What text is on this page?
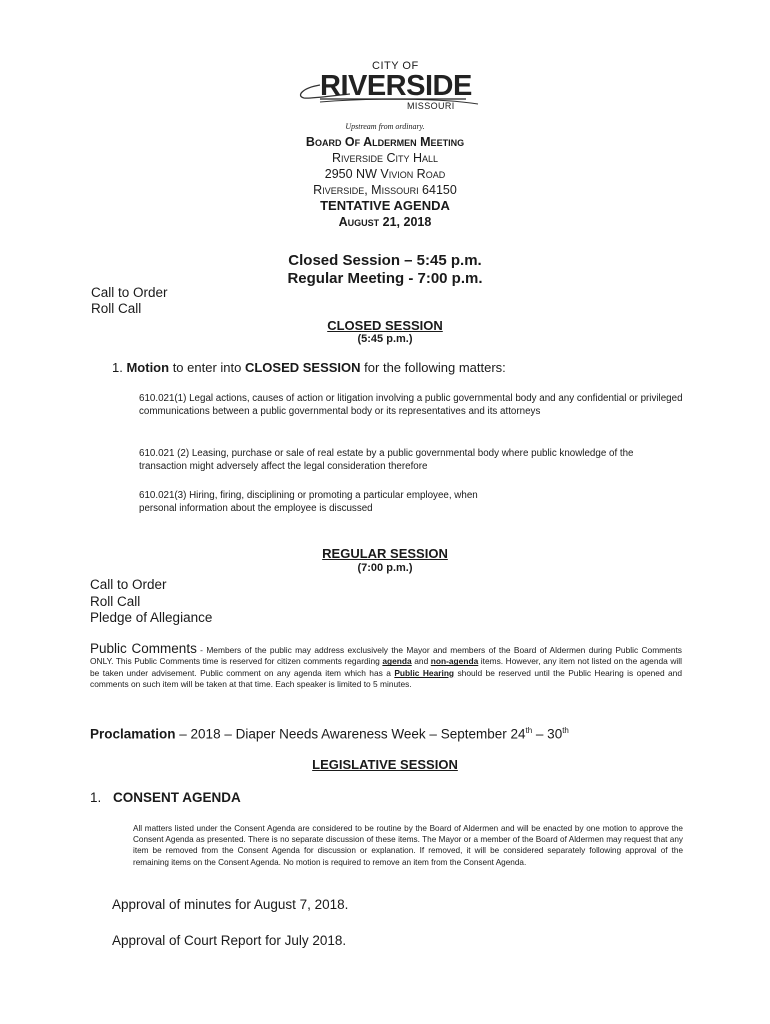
CITY OF
RIVERSIDE
MISSOURI
Upstream from ordinary.
Board Of Aldermen Meeting
Riverside City Hall
2950 NW Vivion Road
Riverside, Missouri 64150
TENTATIVE AGENDA
August 21, 2018
Closed Session – 5:45 p.m.
Regular Meeting - 7:00 p.m.
Call to Order
Roll Call
CLOSED SESSION
(5:45 p.m.)
1. Motion to enter into CLOSED SESSION for the following matters:
610.021(1) Legal actions, causes of action or litigation involving a public governmental body and any confidential or privileged communications between a public governmental body or its representatives and its attorneys
610.021 (2) Leasing, purchase or sale of real estate by a public governmental body where public knowledge of the transaction might adversely affect the legal consideration therefore
610.021(3) Hiring, firing, disciplining or promoting a particular employee, when personal information about the employee is discussed
REGULAR SESSION
(7:00 p.m.)
Call to Order
Roll Call
Pledge of Allegiance
Public Comments - Members of the public may address exclusively the Mayor and members of the Board of Aldermen during Public Comments ONLY. This Public Comments time is reserved for citizen comments regarding agenda and non-agenda items. However, any item not listed on the agenda will be taken under advisement. Public comment on any agenda item which has a Public Hearing should be reserved until the Public Hearing is opened and comments on such item will be taken at that time. Each speaker is limited to 5 minutes.
Proclamation – 2018 – Diaper Needs Awareness Week – September 24th – 30th
LEGISLATIVE SESSION
1. CONSENT AGENDA
All matters listed under the Consent Agenda are considered to be routine by the Board of Aldermen and will be enacted by one motion to approve the Consent Agenda as presented. There is no separate discussion of these items. The Mayor or a member of the Board of Aldermen may request that any item be removed from the Consent Agenda for discussion or explanation. If removed, it will be considered separately following approval of the remaining items on the Consent Agenda. No motion is required to remove an item from the Consent Agenda.
Approval of minutes for August 7, 2018.
Approval of Court Report for July 2018.
